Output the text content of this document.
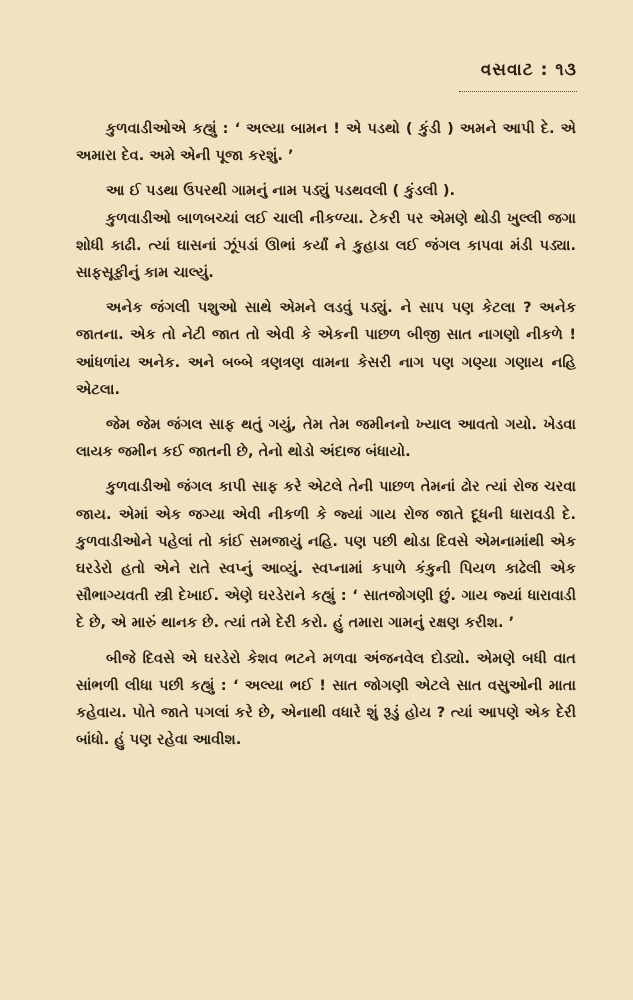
વસવાટ : ૧૩

કુળવાડીઓએ કહ્યું : ‘ અલ્યા બામન ! એ પડથો ( કુંડી ) અમને આપી દે. એ અમારા દેવ. અમે એની પૂજા કરશું. ’

આ ઈ પડથા ઉપરથી ગામનું નામ પડ્યું પડથવલી ( કુંડલી ).

કુળવાડીઓ બાળબચ્ચાં લઈ ચાલી નીકળ્યા. ટેકરી પર એમણે થોડી ખુલ્લી જગા શોધી કાઢી. ત્યાં ઘાસનાં ઝૂંપડાં ઊભાં કર્યાં ને કુહાડા લઈ જંગલ કાપવા મંડી પડ્યા. સાફસૂફીનું કામ ચાલ્યું.

અનેક જંગલી પશુઓ સાથે એમને લડવું પડ્યું. ને સાપ પણ કેટલા ? અનેક જાતના. એક તો નેટી જાત તો એવી કે એકની પાછળ બીજી સાત નાગણો નીકળે ! આંધળાંય અનેક. અને બબ્બે ત્રણત્રણ વામના કેસરી નાગ પણ ગણ્યા ગણાય નહિ એટલા.

જેમ જેમ જંગલ સાફ થતું ગયું, તેમ તેમ જમીનનો ખ્યાલ આવતો ગયો. ખેડવા લાયક જમીન કઈ જાતની છે, તેનો થોડો અંદાજ બંધાયો.

કુળવાડીઓ જંગલ કાપી સાફ કરે એટલે તેની પાછળ તેમનાં ઢોર ત્યાં રોજ ચરવા જાય. એમાં એક જગ્યા એવી નીકળી કે જ્યાં ગાય રોજ જાતે દૂધની ધારાવડી દે. કુળવાડીઓને પહેલાં તો કાંઈ સમજાયું નહિ. પણ પછી થોડા દિવસે એમનામાંથી એક ઘરડેરો હતો એને રાતે સ્વપ્નું આવ્યું. સ્વપ્નામાં કપાળે કંકુની પિયળ કાઢેલી એક સૌભાગ્યવતી સ્ત્રી દેખાઈ. એણે ઘરડેરાને કહ્યું : ‘ સાતજોગણી છું. ગાય જ્યાં ધારાવાડી દે છે, એ મારું થાનક છે. ત્યાં તમે દેરી કરો. હું તમારા ગામનું રક્ષણ કરીશ. ’

બીજે દિવસે એ ઘરડેરો કેશવ ભટને મળવા અંજનવેલ દોડ્યો. એમણે બધી વાત સાંભળી લીધા પછી કહ્યું : ‘ અલ્યા ભઈ ! સાત જોગણી એટલે સાત વસુઓની માતા કહેવાય. પોતે જાતે પગલાં કરે છે, એનાથી વધારે શું રૂડું હોય ? ત્યાં આપણે એક દેરી બાંધો. હું પણ રહેવા આવીશ.
